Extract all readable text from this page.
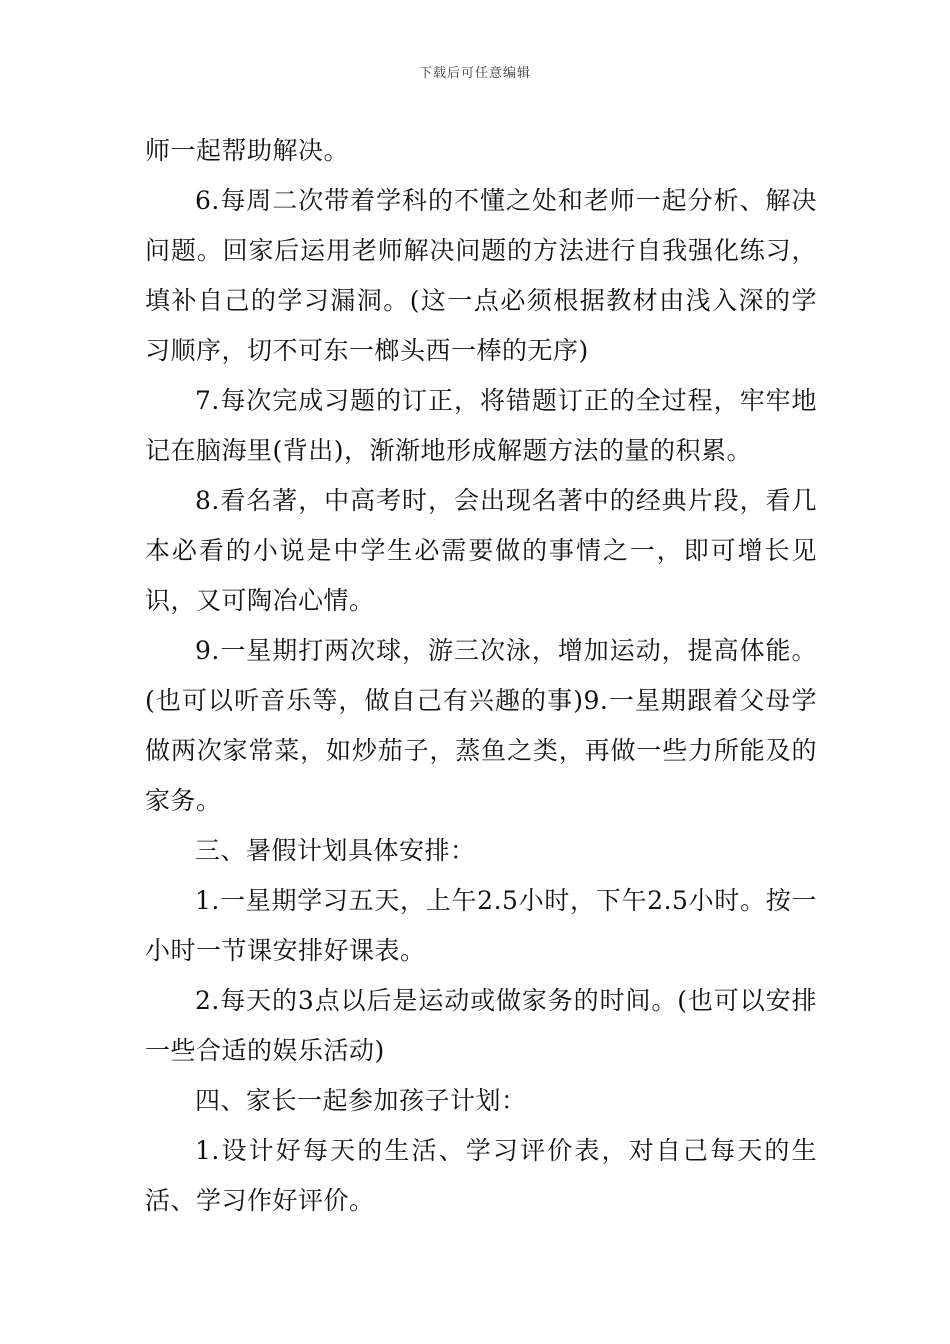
下载后可任意编辑

师一起帮助解决。

6.每周二次带着学科的不懂之处和老师一起分析、解决问题。回家后运用老师解决问题的方法进行自我强化练习，填补自己的学习漏洞。(这一点必须根据教材由浅入深的学习顺序，切不可东一榔头西一棒的无序)

7.每次完成习题的订正，将错题订正的全过程，牢牢地记在脑海里(背出)，渐渐地形成解题方法的量的积累。

8.看名著，中高考时，会出现名著中的经典片段，看几本必看的小说是中学生必需要做的事情之一，即可增长见识，又可陶冶心情。

9.一星期打两次球，游三次泳，增加运动，提高体能。(也可以听音乐等，做自己有兴趣的事)9.一星期跟着父母学做两次家常菜，如炒茄子，蒸鱼之类，再做一些力所能及的家务。

三、暑假计划具体安排：

1.一星期学习五天，上午2.5小时，下午2.5小时。按一小时一节课安排好课表。

2.每天的3点以后是运动或做家务的时间。(也可以安排一些合适的娱乐活动)

四、家长一起参加孩子计划：

1.设计好每天的生活、学习评价表，对自己每天的生活、学习作好评价。
